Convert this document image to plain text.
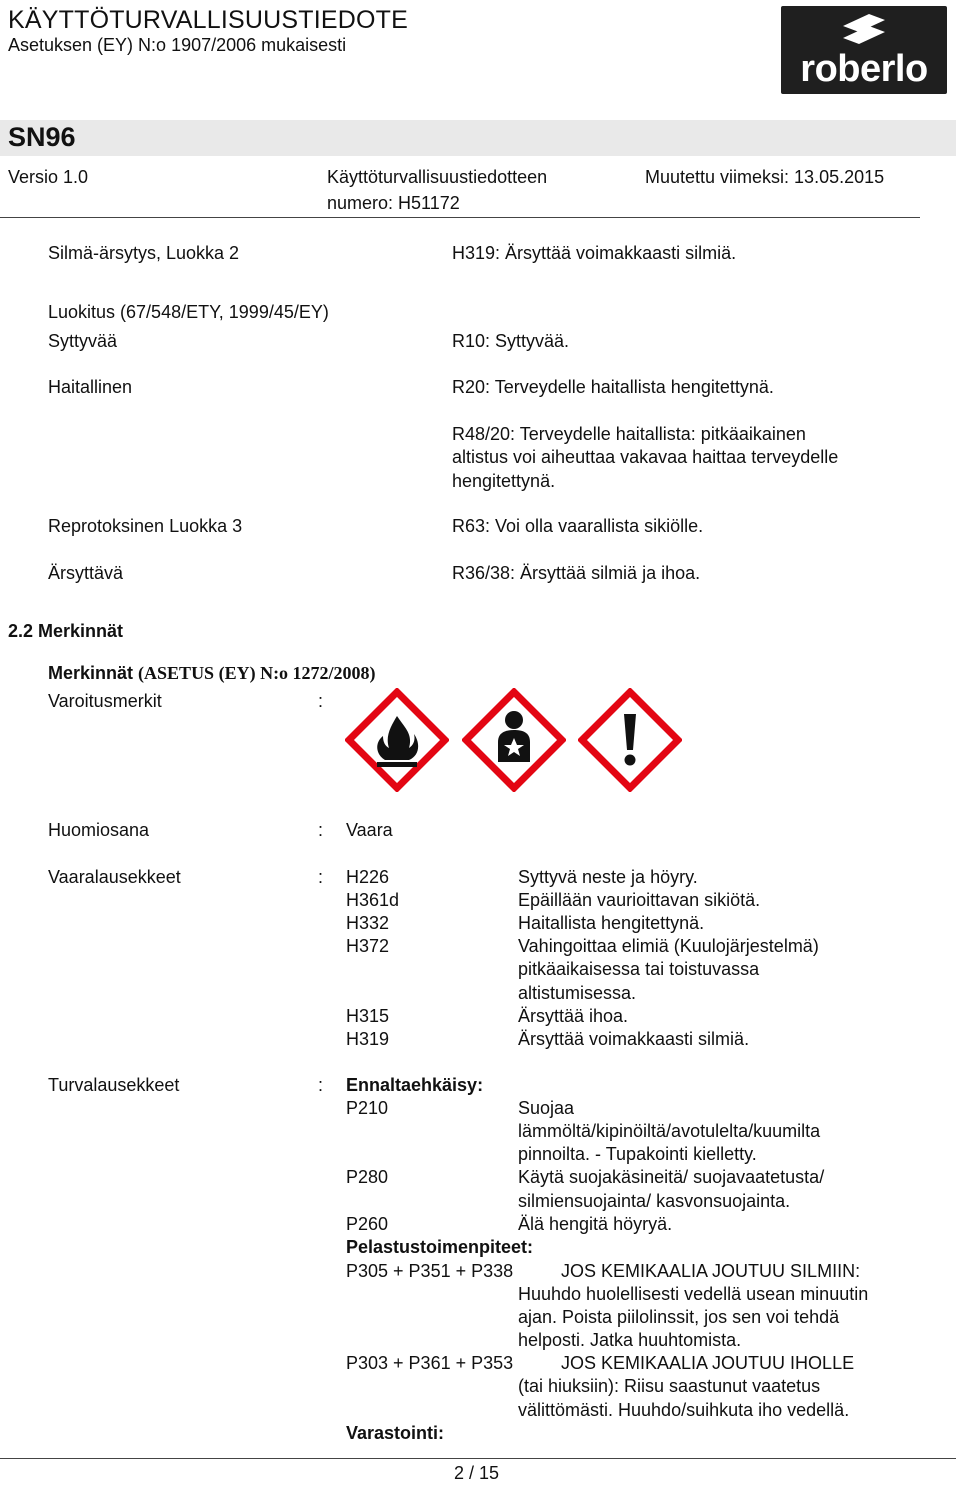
KÄYTTÖTURVALLISUUSTIEDOTE
Asetuksen (EY) N:o 1907/2006 mukaisesti
roberlo
SN96
Versio 1.0	Käyttöturvallisuustiedotteen
numero: H51172
Muutettu viimeksi: 13.05.2015
Silmä-ärsytys, Luokka 2	H319: Ärsyttää voimakkaasti silmiä.
Luokitus (67/548/ETY, 1999/45/EY)
Syttyvää	R10: Syttyvää.
Haitallinen	R20: Terveydelle haitallista hengitettynä.
R48/20: Terveydelle haitallista: pitkäaikainen
altistus voi aiheuttaa vakavaa haittaa terveydelle
hengitettynä.
Reprotoksinen Luokka 3	R63: Voi olla vaarallista sikiölle.
Ärsyttävä	R36/38: Ärsyttää silmiä ja ihoa.
2.2 Merkinnät
Merkinnät (ASETUS (EY) N:o 1272/2008)
Varoitusmerkit	:
Huomiosana	: Vaara
Vaaralausekkeet	: H226	Syttyvä neste ja höyry.
H361d	Epäillään vaurioittavan sikiötä.
H332	Haitallista hengitettynä.
H372	Vahingoittaa elimiä (Kuulojärjestelmä)
pitkäaikaisessa tai toistuvassa
altistumisessa.
H315	Ärsyttää ihoa.
H319	Ärsyttää voimakkaasti silmiä.
Turvalausekkeet	: Ennaltaehkäisy:
P210	Suojaa
lämmöltä/kipinöiltä/avotulelta/kuumilta
pinnoilta. - Tupakointi kielletty.
P280	Käytä suojakäsineitä/ suojavaatetusta/
silmiensuojainta/ kasvonsuojainta.
P260	Älä hengitä höyryä.
Pelastustoimenpiteet:
P305 + P351 + P338	JOS KEMIKAALIA JOUTUU SILMIIN:
Huuhdo huolellisesti vedellä usean minuutin
ajan. Poista piilolinssit, jos sen voi tehdä
helposti. Jatka huuhtomista.
P303 + P361 + P353	JOS KEMIKAALIA JOUTUU IHOLLE
(tai hiuksiin): Riisu saastunut vaatetus
välittömästi. Huuhdo/suihkuta iho vedellä.
Varastointi:
2 / 15
